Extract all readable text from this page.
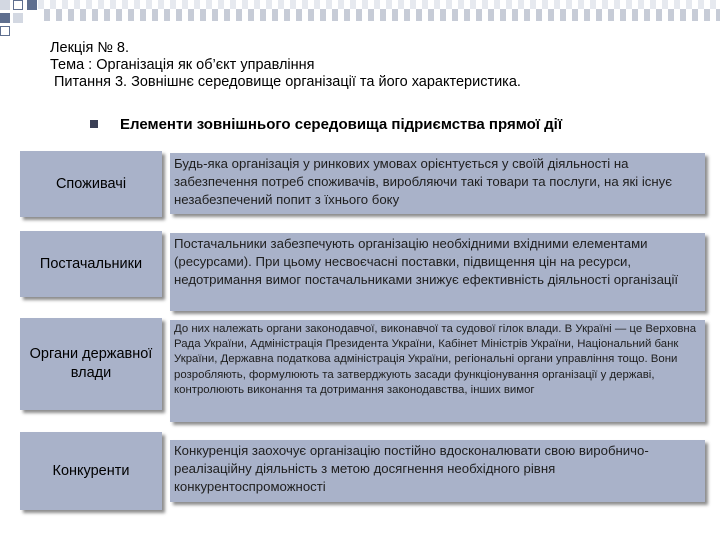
Лекція № 8.
Тема : Організація як об’єкт управління
Питання 3. Зовнішнє середовище організації та його характеристика.
Елементи зовнішнього середовища підриємства прямої дії
Споживачі
Будь-яка організація у ринкових умовах орієнтується у своїй діяльності на забезпечення потреб споживачів, виробляючи такі товари та послуги, на які існує незабезпечений попит з їхнього боку
Постачальники
Постачальники забезпечують організацію необхідними вхідними елементами (ресурсами). При цьому несвоєчасні поставки, підвищення цін на ресурси, недотримання вимог постачальниками знижує ефективність діяльності організації
Органи державної влади
До них належать органи законодавчої, виконавчої та судової гілок влади. В Україні — це Верховна Рада України, Адміністрація Президента України, Кабінет Міністрів України, Національний банк України, Державна податкова адміністрація України, регіональні органи управління тощо. Вони розробляють, формулюють та затверджують засади функціонування організації у державі, контролюють виконання та дотримання законодавства, інших вимог
Конкуренти
Конкуренція заохочує організацію постійно вдосконалювати свою виробничо-реалізаційну діяльність з метою досягнення необхідного рівня конкурентоспроможності
